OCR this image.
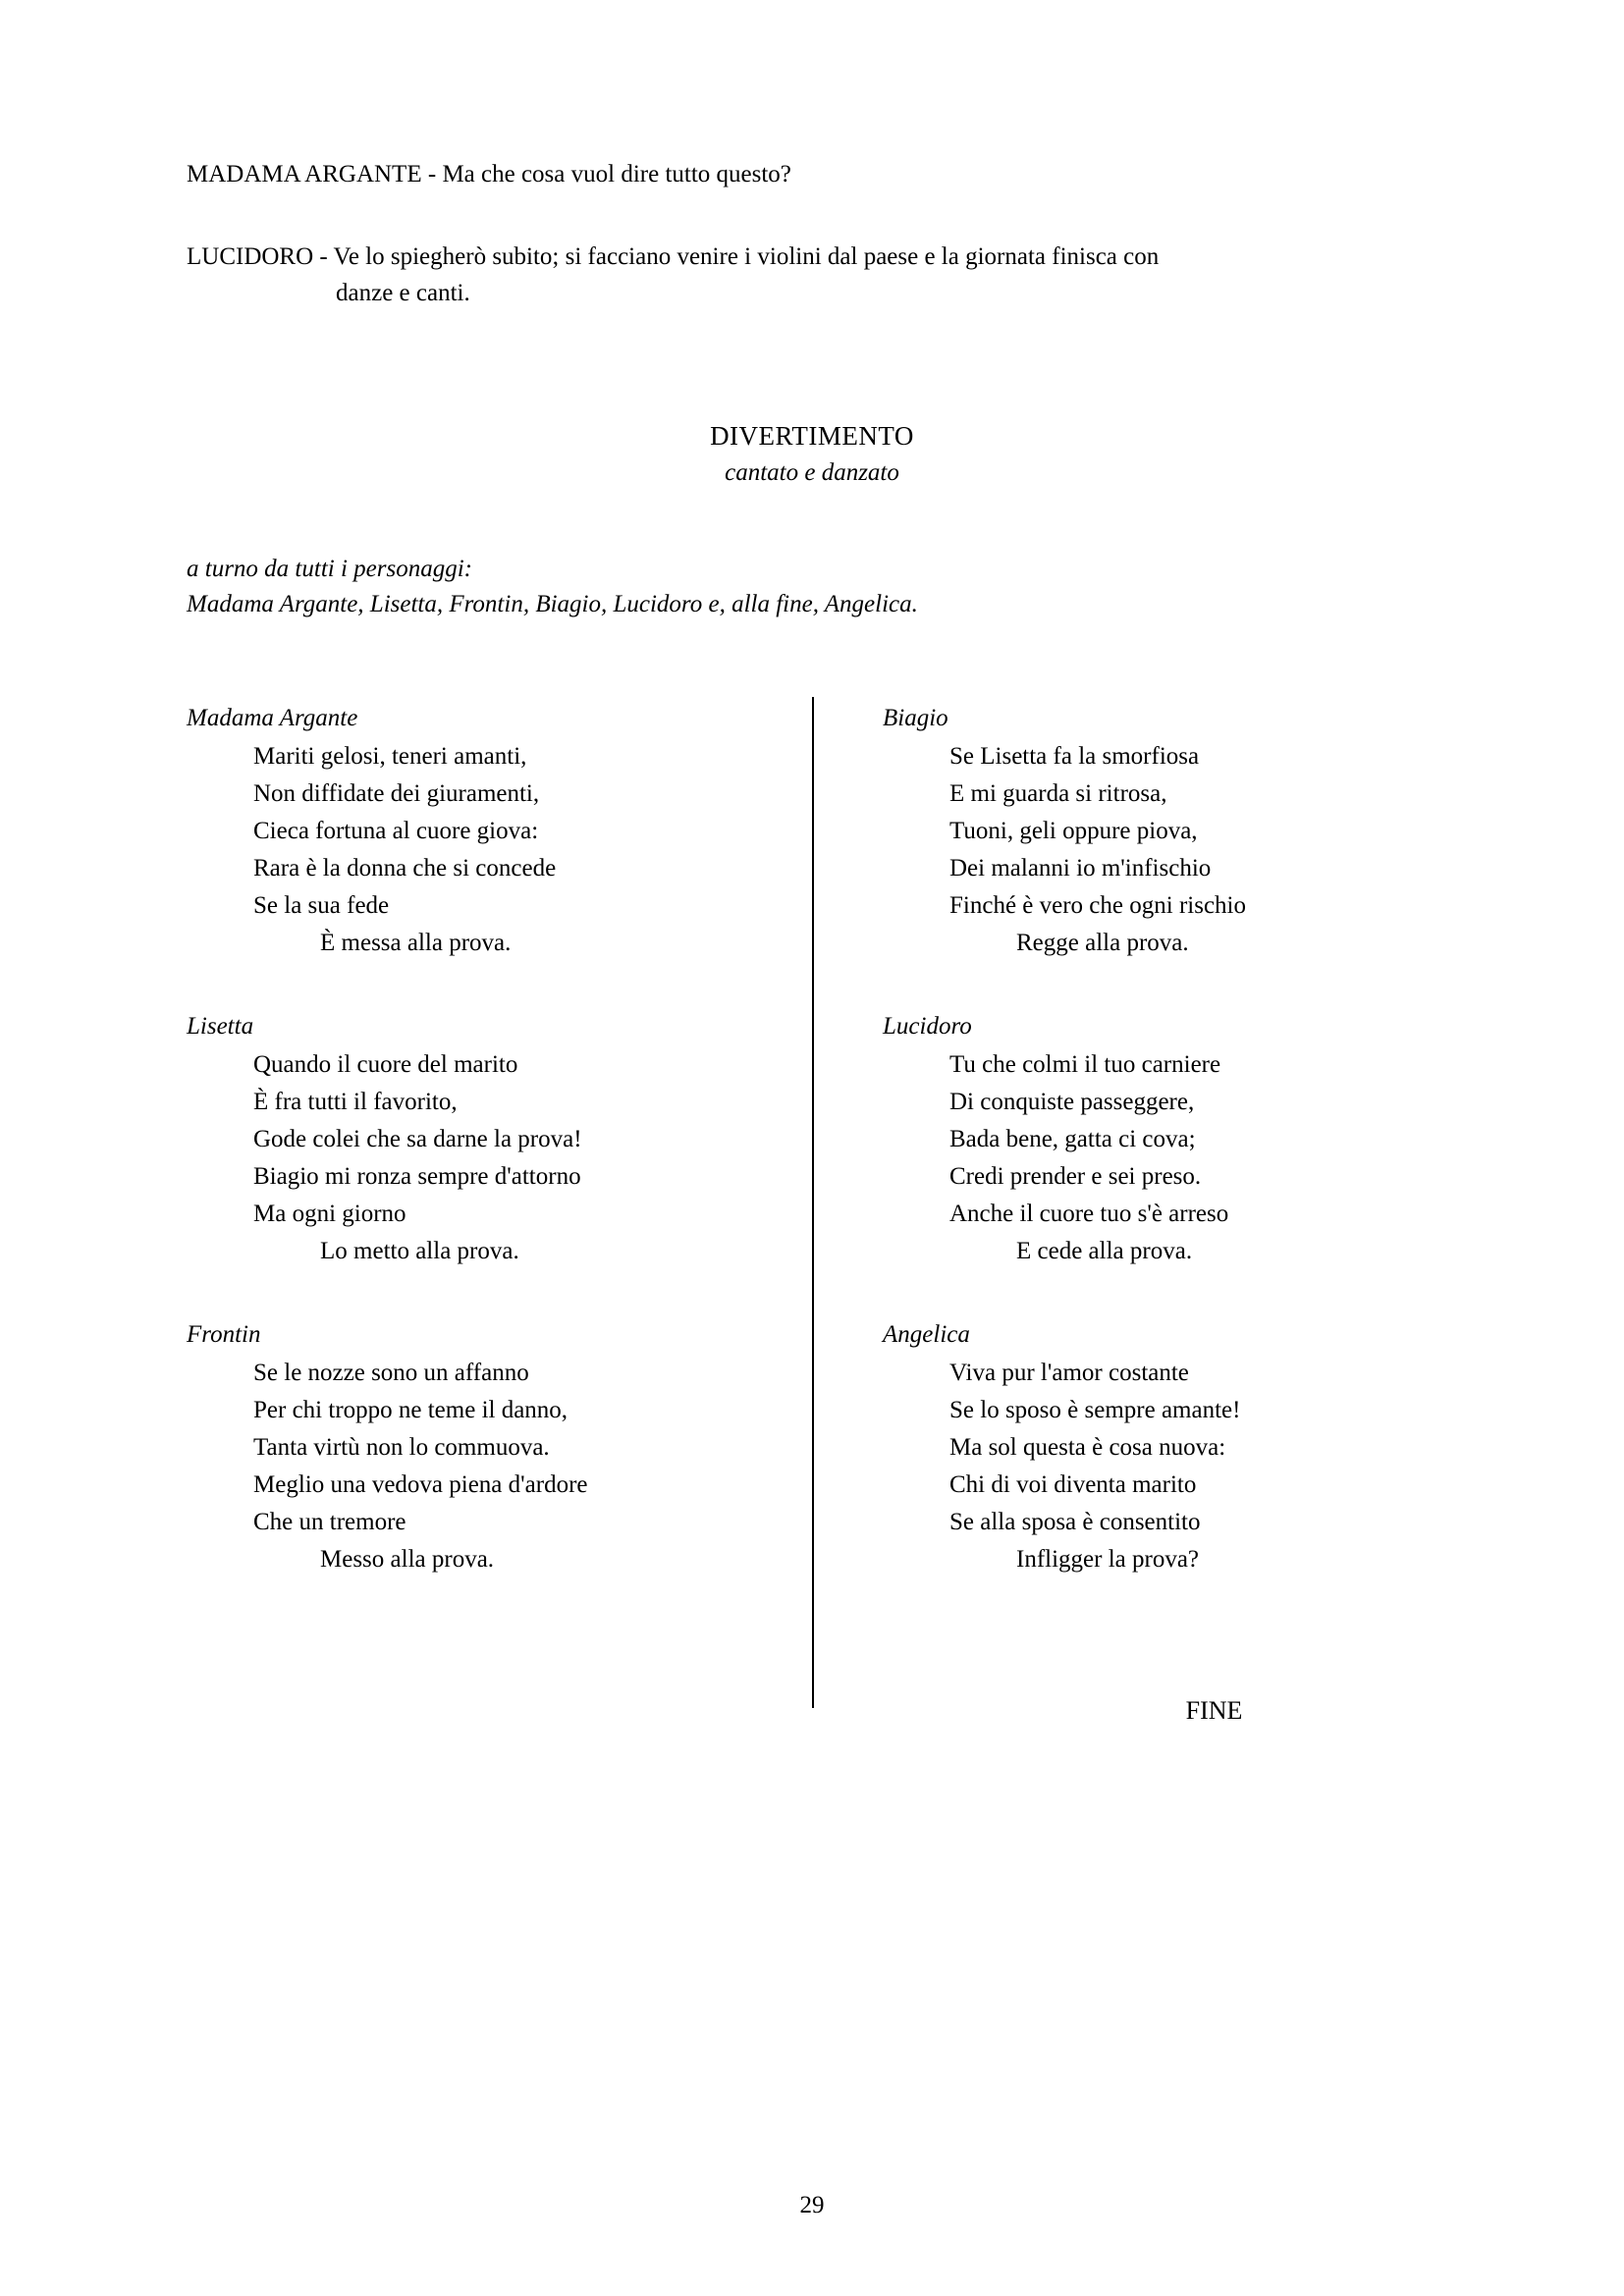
MADAMA ARGANTE - Ma che cosa vuol dire tutto questo?
LUCIDORO - Ve lo spiegherò subito; si facciano venire i violini dal paese e la giornata finisca con
danze e canti.
DIVERTIMENTO
cantato e danzato
a turno da tutti i personaggi:
Madama Argante, Lisetta, Frontin, Biagio, Lucidoro e, alla fine, Angelica.
Madama Argante
Mariti gelosi, teneri amanti,
Non diffidate dei giuramenti,
Cieca fortuna al cuore giova:
Rara è la donna che si concede
Se la sua fede
È messa alla prova.
Lisetta
Quando il cuore del marito
È fra tutti il favorito,
Gode colei che sa darne la prova!
Biagio mi ronza sempre d'attorno
Ma ogni giorno
Lo metto alla prova.
Frontin
Se le nozze sono un affanno
Per chi troppo ne teme il danno,
Tanta virtù non lo commuova.
Meglio una vedova piena d'ardore
Che un tremore
Messo alla prova.
Biagio
Se Lisetta fa la smorfiosa
E mi guarda si ritrosa,
Tuoni, geli oppure piova,
Dei malanni io m'infischio
Finché è vero che ogni rischio
Regge alla prova.
Lucidoro
Tu che colmi il tuo carniere
Di conquiste passeggere,
Bada bene, gatta ci cova;
Credi prender e sei preso.
Anche il cuore tuo s'è arreso
E cede alla prova.
Angelica
Viva pur l'amor costante
Se lo sposo è sempre amante!
Ma sol questa è cosa nuova:
Chi di voi diventa marito
Se alla sposa è consentito
Infligger la prova?
FINE
29
